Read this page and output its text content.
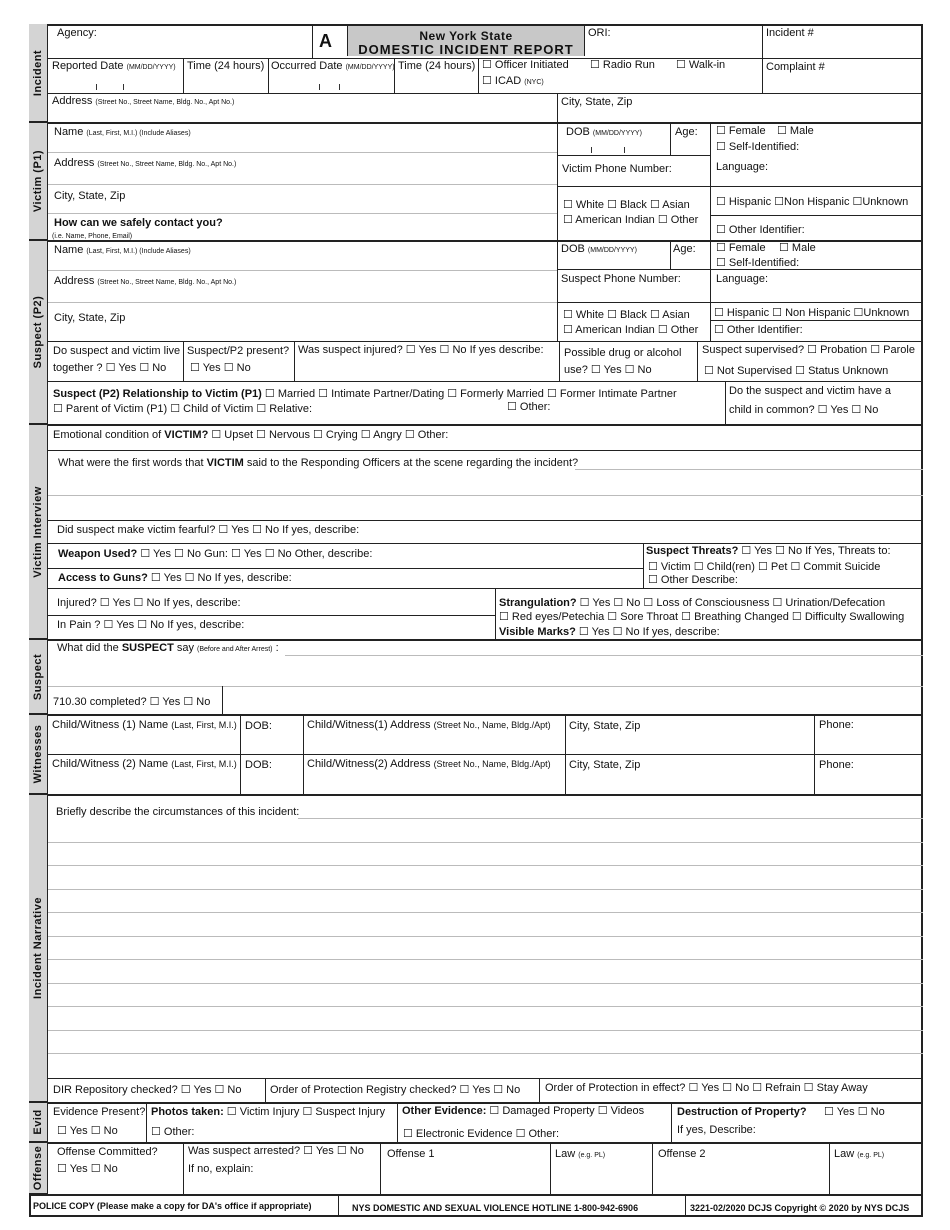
Incident
Victim (P1)
Suspect (P2)
Victim Interview
Suspect
Witnesses
Incident Narrative
Evid
Offense
New York State
DOMESTIC INCIDENT REPORT
Agency:	A	ORI:	Incident #
Reported Date (MM/DD/YYYY) Time (24 hours) Occurred Date (MM/DD/YYYY) Time (24 hours) ☐ Officer Initiated ☐ Radio Run ☐ Walk-in
☐ ICAD (NYC)
Complaint #
Address (Street No., Street Name, Bldg. No., Apt No.)	City, State, Zip
Name (Last, First, M.I.) (Include Aliases)	DOB (MM/DD/YYYY)	Age: ☐ Female ☐ Male
☐ Self-Identified:
Address (Street No., Street Name, Bldg. No., Apt No.)	Victim Phone Number:	Language:
City, State, Zip
☐ White ☐ Black ☐ Asian
☐ American Indian ☐ Other
☐ Hispanic ☐Non Hispanic ☐Unknown
☐ Other Identifier:
How can we safely contact you?
(i.e. Name, Phone, Email)
Name (Last, First, M.I.) (Include Aliases)	DOB (MM/DD/YYYY)	Age: ☐ Female ☐ Male
☐ Self-Identified:
Address (Street No., Street Name, Bldg. No., Apt No.)	Suspect Phone Number:	Language:
City, State, Zip	☐ White ☐ Black ☐ Asian
☐ American Indian ☐ Other
☐ Hispanic ☐ Non Hispanic ☐Unknown
☐ Other Identifier:
Do suspect and victim live
together ? ☐ Yes ☐ No
Suspect/P2 present?
☐ Yes ☐ No
Was suspect injured? ☐ Yes ☐ No If yes describe: Possible drug or alcohol
use? ☐ Yes ☐ No
Suspect supervised? ☐ Probation ☐ Parole
☐ Not Supervised ☐ Status Unknown
Suspect (P2) Relationship to Victim (P1) ☐ Married ☐ Intimate Partner/Dating ☐ Formerly Married ☐ Former Intimate Partner
☐ Parent of Victim (P1) ☐ Child of Victim ☐ Relative:	☐ Other:
Do the suspect and victim have a
child in common? ☐ Yes ☐ No
Emotional condition of VICTIM? ☐ Upset ☐ Nervous ☐ Crying ☐ Angry ☐ Other:
What were the first words that VICTIM said to the Responding Officers at the scene regarding the incident?
Did suspect make victim fearful? ☐ Yes ☐ No If yes, describe:
Weapon Used? ☐ Yes ☐ No Gun: ☐ Yes ☐ No Other, describe:	Suspect Threats? ☐ Yes ☐ No If Yes, Threats to:
☐ Victim ☐ Child(ren) ☐ Pet ☐ Commit Suicide
☐ Other Describe:
Access to Guns? ☐ Yes ☐ No If yes, describe:
Injured? ☐ Yes ☐ No If yes, describe:
In Pain ? ☐ Yes ☐ No If yes, describe:
Strangulation? ☐ Yes ☐ No ☐ Loss of Consciousness ☐ Urination/Defecation
☐ Red eyes/Petechia ☐ Sore Throat ☐ Breathing Changed ☐ Difficulty Swallowing
Visible Marks? ☐ Yes ☐ No If yes, describe:
What did the SUSPECT say (Before and After Arrest) :
710.30 completed? ☐ Yes ☐ No
Child/Witness (1) Name (Last, First, M.I.) DOB:	Child/Witness(1) Address (Street No., Name, Bldg./Apt) City, State, Zip	Phone:
Child/Witness (2) Name (Last, First, M.I.) DOB:	Child/Witness(2) Address (Street No., Name, Bldg./Apt) City, State, Zip	Phone:
Briefly describe the circumstances of this incident:
DIR Repository checked? ☐ Yes ☐ No	Order of Protection Registry checked? ☐ Yes ☐ No Order of Protection in effect? ☐ Yes ☐ No ☐ Refrain ☐ Stay Away
Evidence Present?
☐ Yes ☐ No
Photos taken: ☐ Victim Injury ☐ Suspect Injury
☐ Other:
Other Evidence: ☐ Damaged Property ☐ Videos
☐ Electronic Evidence ☐ Other:
Destruction of Property? ☐ Yes ☐ No
If yes, Describe:
Offense Committed?
☐ Yes ☐ No
Was suspect arrested? ☐ Yes ☐ No
If no, explain:
Offense 1	Law (e.g. PL)	Offense 2	Law (e.g. PL)
POLICE COPY (Please make a copy for DA's office if appropriate)	NYS DOMESTIC AND SEXUAL VIOLENCE HOTLINE 1-800-942-6906	3221-02/2020 DCJS Copyright © 2020 by NYS DCJS
